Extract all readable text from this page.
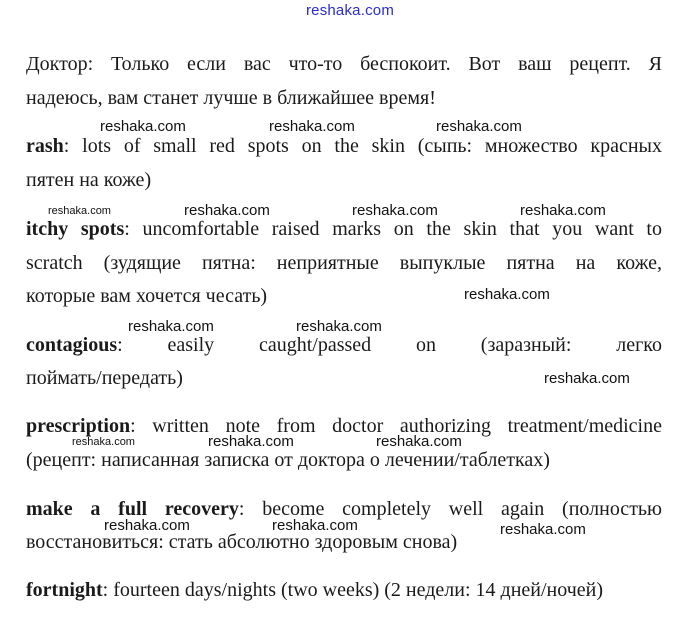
reshaka.com
Доктор: Только если вас что-то беспокоит. Вот ваш рецепт. Я
надеюсь, вам станет лучше в ближайшее время!
rash: lots of small red spots on the skin (сыпь: множество красных
пятен на коже)
itchy spots: uncomfortable raised marks on the skin that you want to
scratch (зудящие пятна: неприятные выпуклые пятна на коже,
которые вам хочется чесать)
contagious: easily caught/passed on (заразный: легко
поймать/передать)
prescription: written note from doctor authorizing treatment/medicine
(рецепт: написанная записка от доктора о лечении/таблетках)
make a full recovery: become completely well again (полностью
восстановиться: стать абсолютно здоровым снова)
fortnight: fourteen days/nights (two weeks) (2 недели: 14 дней/ночей)
reshaka.com	reshaka.com	reshaka.com
reshaka.com	reshaka.com	reshaka.com	reshaka.com
reshaka.com
reshaka.com	reshaka.com
reshaka.com
reshaka.com	reshaka.com	reshaka.com
reshaka.com	reshaka.com	reshaka.com
